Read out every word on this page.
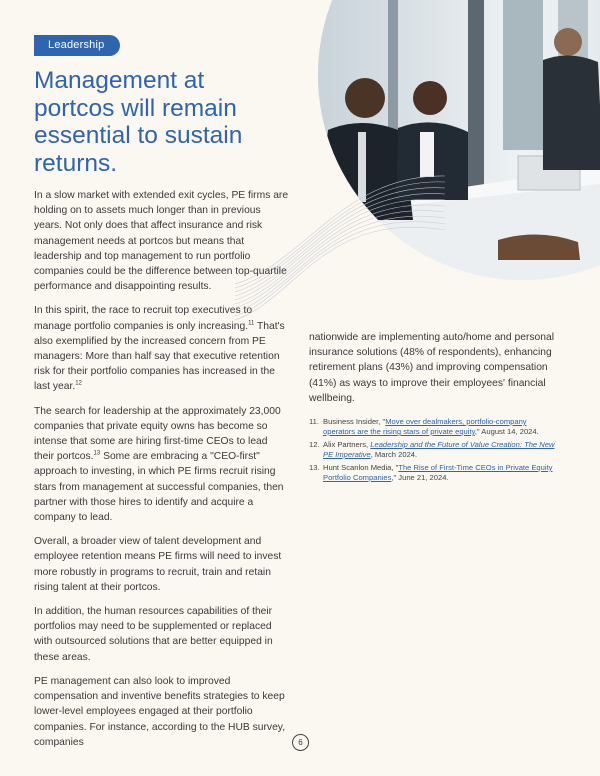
Leadership
Management at portcos will remain essential to sustain returns.

In a slow market with extended exit cycles, PE firms are holding on to assets much longer than in previous years. Not only does that affect insurance and risk management needs at portcos but means that leadership and top management to run portfolio companies could be the difference between top-quartile performance and disappointing results.

In this spirit, the race to recruit top executives to manage portfolio companies is only increasing.$^{11}$ That's also exemplified by the increased concern from PE managers: More than half say that executive retention risk for their portfolio companies has increased in the last year.$^{12}$

The search for leadership at the approximately 23,000 companies that private equity owns has become so intense that some are hiring first-time CEOs to lead their portcos.$^{13}$ Some are embracing a "CEO-first" approach to investing, in which PE firms recruit rising stars from management at successful companies, then partner with those hires to identify and acquire a company to lead.

Overall, a broader view of talent development and employee retention means PE firms will need to invest more robustly in programs to recruit, train and retain rising talent at their portcos.

In addition, the human resources capabilities of their portfolios may need to be supplemented or replaced with outsourced solutions that are better equipped in these areas.

PE management can also look to improved compensation and inventive benefits strategies to keep lower-level employees engaged at their portfolio companies. For instance, according to the HUB survey, companies

nationwide are implementing auto/home and personal insurance solutions (48% of respondents), enhancing retirement plans (43%) and improving compensation (41%) as ways to improve their employees' financial wellbeing.

11. Business Insider, "Move over dealmakers, portfolio-company operators are the rising stars of private equity," August 14, 2024.
12. Alix Partners, Leadership and the Future of Value Creation: The New PE Imperative, March 2024.
13. Hunt Scanlon Media, "The Rise of First-Time CEOs in Private Equity Portfolio Companies," June 21, 2024.
6
